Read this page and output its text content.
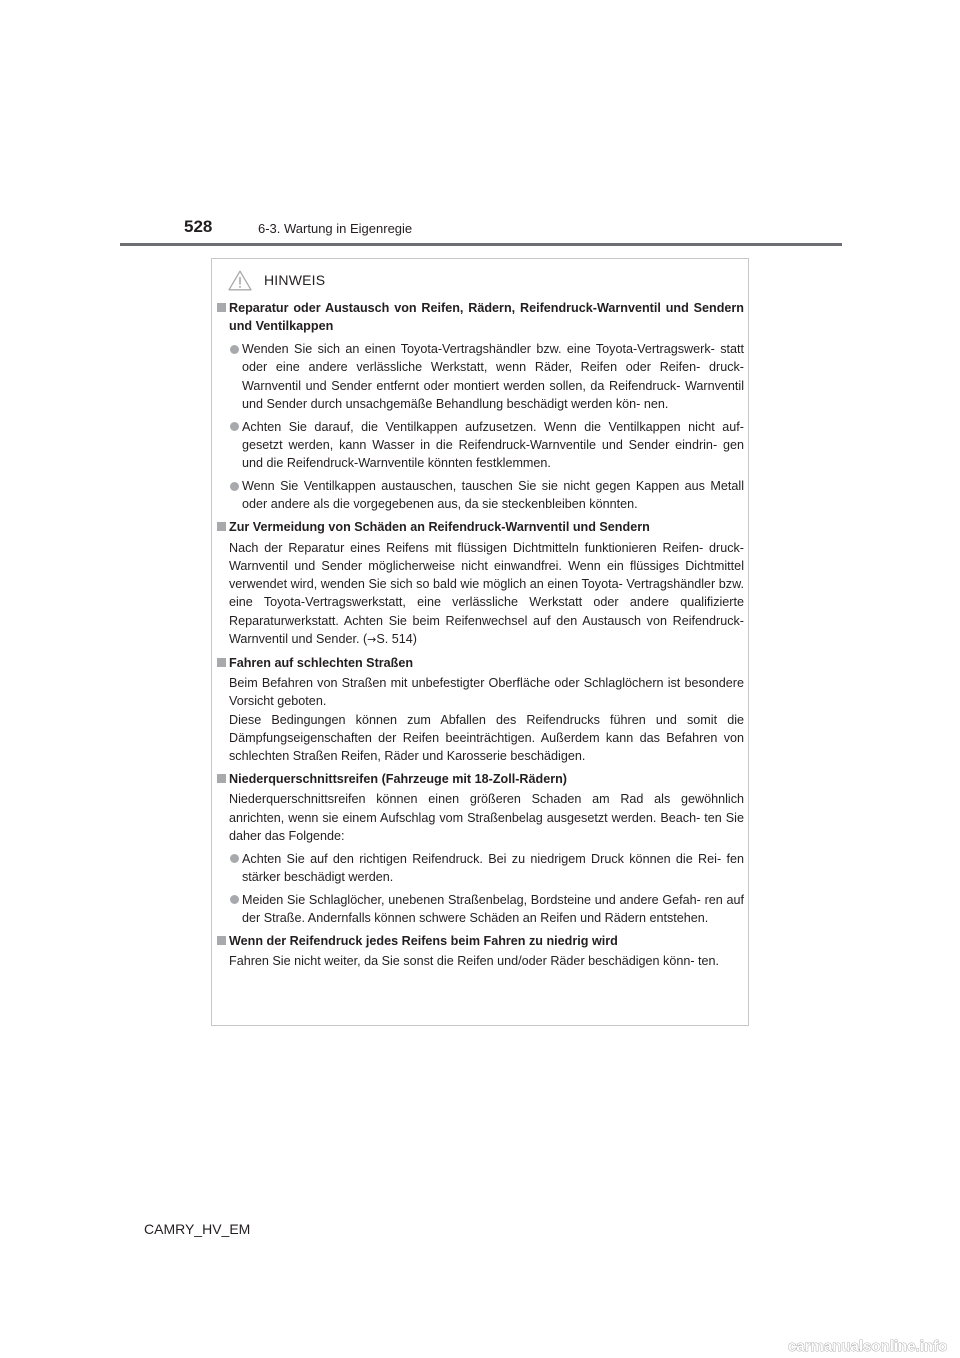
528	6-3. Wartung in Eigenregie
HINWEIS
Reparatur oder Austausch von Reifen, Rädern, Reifendruck-Warnventil und Sendern und Ventilkappen
Wenden Sie sich an einen Toyota-Vertragshändler bzw. eine Toyota-Vertragswerk- statt oder eine andere verlässliche Werkstatt, wenn Räder, Reifen oder Reifen- druck-Warnventil und Sender entfernt oder montiert werden sollen, da Reifendruck- Warnventil und Sender durch unsachgemäße Behandlung beschädigt werden kön- nen.
Achten Sie darauf, die Ventilkappen aufzusetzen. Wenn die Ventilkappen nicht auf- gesetzt werden, kann Wasser in die Reifendruck-Warnventile und Sender eindrin- gen und die Reifendruck-Warnventile könnten festklemmen.
Wenn Sie Ventilkappen austauschen, tauschen Sie sie nicht gegen Kappen aus Metall oder andere als die vorgegebenen aus, da sie steckenbleiben könnten.
Zur Vermeidung von Schäden an Reifendruck-Warnventil und Sendern
Nach der Reparatur eines Reifens mit flüssigen Dichtmitteln funktionieren Reifen- druck-Warnventil und Sender möglicherweise nicht einwandfrei. Wenn ein flüssiges Dichtmittel verwendet wird, wenden Sie sich so bald wie möglich an einen Toyota- Vertragshändler bzw. eine Toyota-Vertragswerkstatt, eine verlässliche Werkstatt oder andere qualifizierte Reparaturwerkstatt. Achten Sie beim Reifenwechsel auf den Austausch von Reifendruck-Warnventil und Sender. (→S. 514)
Fahren auf schlechten Straßen
Beim Befahren von Straßen mit unbefestigter Oberfläche oder Schlaglöchern ist besondere Vorsicht geboten.
Diese Bedingungen können zum Abfallen des Reifendrucks führen und somit die Dämpfungseigenschaften der Reifen beeinträchtigen. Außerdem kann das Befahren von schlechten Straßen Reifen, Räder und Karosserie beschädigen.
Niederquerschnittsreifen (Fahrzeuge mit 18-Zoll-Rädern)
Niederquerschnittsreifen können einen größeren Schaden am Rad als gewöhnlich anrichten, wenn sie einem Aufschlag vom Straßenbelag ausgesetzt werden. Beach- ten Sie daher das Folgende:
Achten Sie auf den richtigen Reifendruck. Bei zu niedrigem Druck können die Rei- fen stärker beschädigt werden.
Meiden Sie Schlaglöcher, unebenen Straßenbelag, Bordsteine und andere Gefah- ren auf der Straße. Andernfalls können schwere Schäden an Reifen und Rädern entstehen.
Wenn der Reifendruck jedes Reifens beim Fahren zu niedrig wird
Fahren Sie nicht weiter, da Sie sonst die Reifen und/oder Räder beschädigen könn- ten.
CAMRY_HV_EM
carmanualsonline.info
